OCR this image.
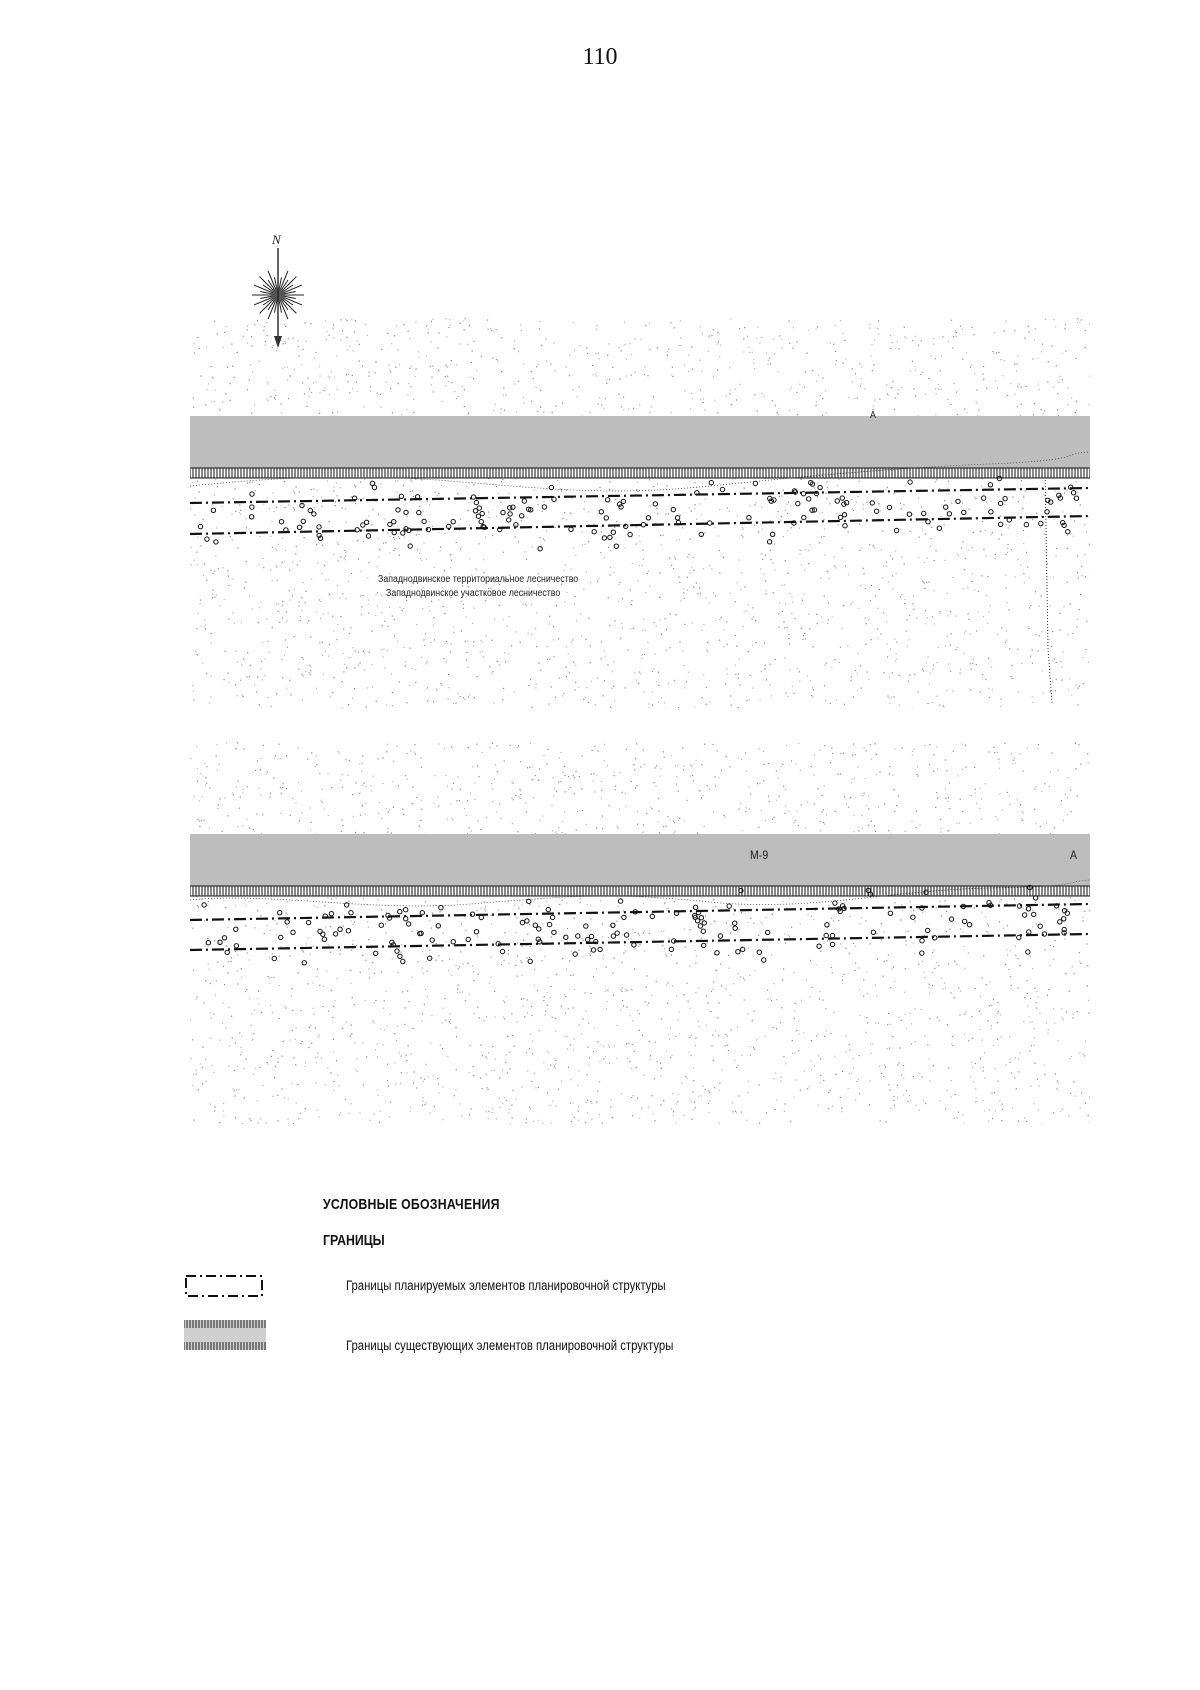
110
N
А
Западнодвинское территориальное лесничество
Западнодвинское участковое лесничество
М-9	А
УСЛОВНЫЕ ОБОЗНАЧЕНИЯ
ГРАНИЦЫ
Границы планируемых элементов планировочной структуры
Границы существующих элементов планировочной структуры
